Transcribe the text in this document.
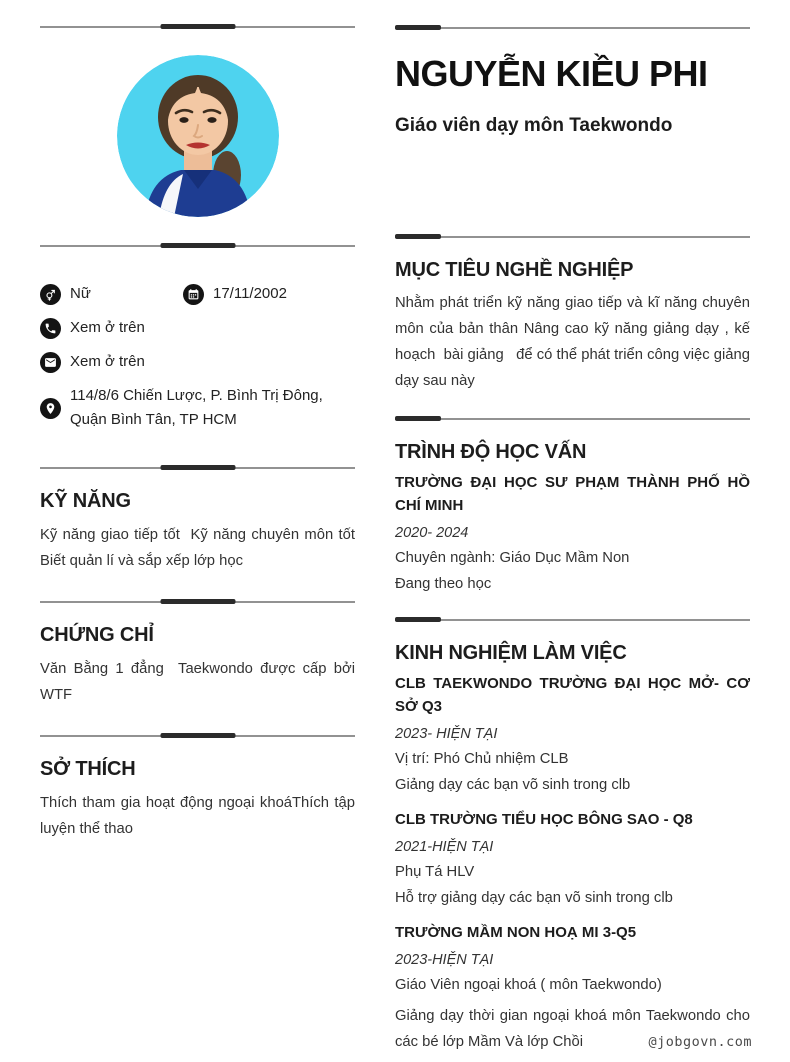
Nữ	17/11/2002
Xem ở trên
Xem ở trên
114/8/6 Chiến Lược, P. Bình Trị Đông, Quận Bình Tân, TP HCM
KỸ NĂNG
Kỹ năng giao tiếp tốt  Kỹ năng chuyên môn tốt  Biết quản lí và sắp xếp lớp học
CHỨNG CHỈ
Văn Bằng 1 đẳng  Taekwondo được cấp bởi WTF
SỞ THÍCH
Thích tham gia hoạt động ngoại khoáThích tập luyện thể thao
NGUYỄN KIỀU PHI
Giáo viên dạy môn Taekwondo
MỤC TIÊU NGHỀ NGHIỆP
Nhằm phát triển kỹ năng giao tiếp và kĩ năng chuyên môn của bản thân Nâng cao kỹ năng giảng dạy , kế hoạch  bài giảng   để có thể phát triển công việc giảng dạy sau này
TRÌNH ĐỘ HỌC VẤN
TRƯỜNG ĐẠI HỌC SƯ PHẠM THÀNH PHỐ HỒ CHÍ MINH
2020- 2024
Chuyên ngành: Giáo Dục Mầm Non
Đang theo học
KINH NGHIỆM LÀM VIỆC
CLB TAEKWONDO TRƯỜNG ĐẠI HỌC MỞ- CƠ SỞ Q3
2023- HIỆN TẠI
Vị trí: Phó Chủ nhiệm CLB
Giảng dạy các bạn võ sinh trong clb
CLB TRƯỜNG TIỂU HỌC BÔNG SAO - Q8
2021-HIỆN TẠI
Phụ Tá HLV
Hỗ trợ giảng dạy các bạn võ sinh trong clb
TRƯỜNG MẦM NON HOẠ MI 3-Q5
2023-HIỆN TẠI
Giáo Viên ngoại khoá ( môn Taekwondo)
Giảng dạy thời gian ngoại khoá môn Taekwondo cho các bé lớp Mầm Và lớp Chồi	@jobgovn.com
